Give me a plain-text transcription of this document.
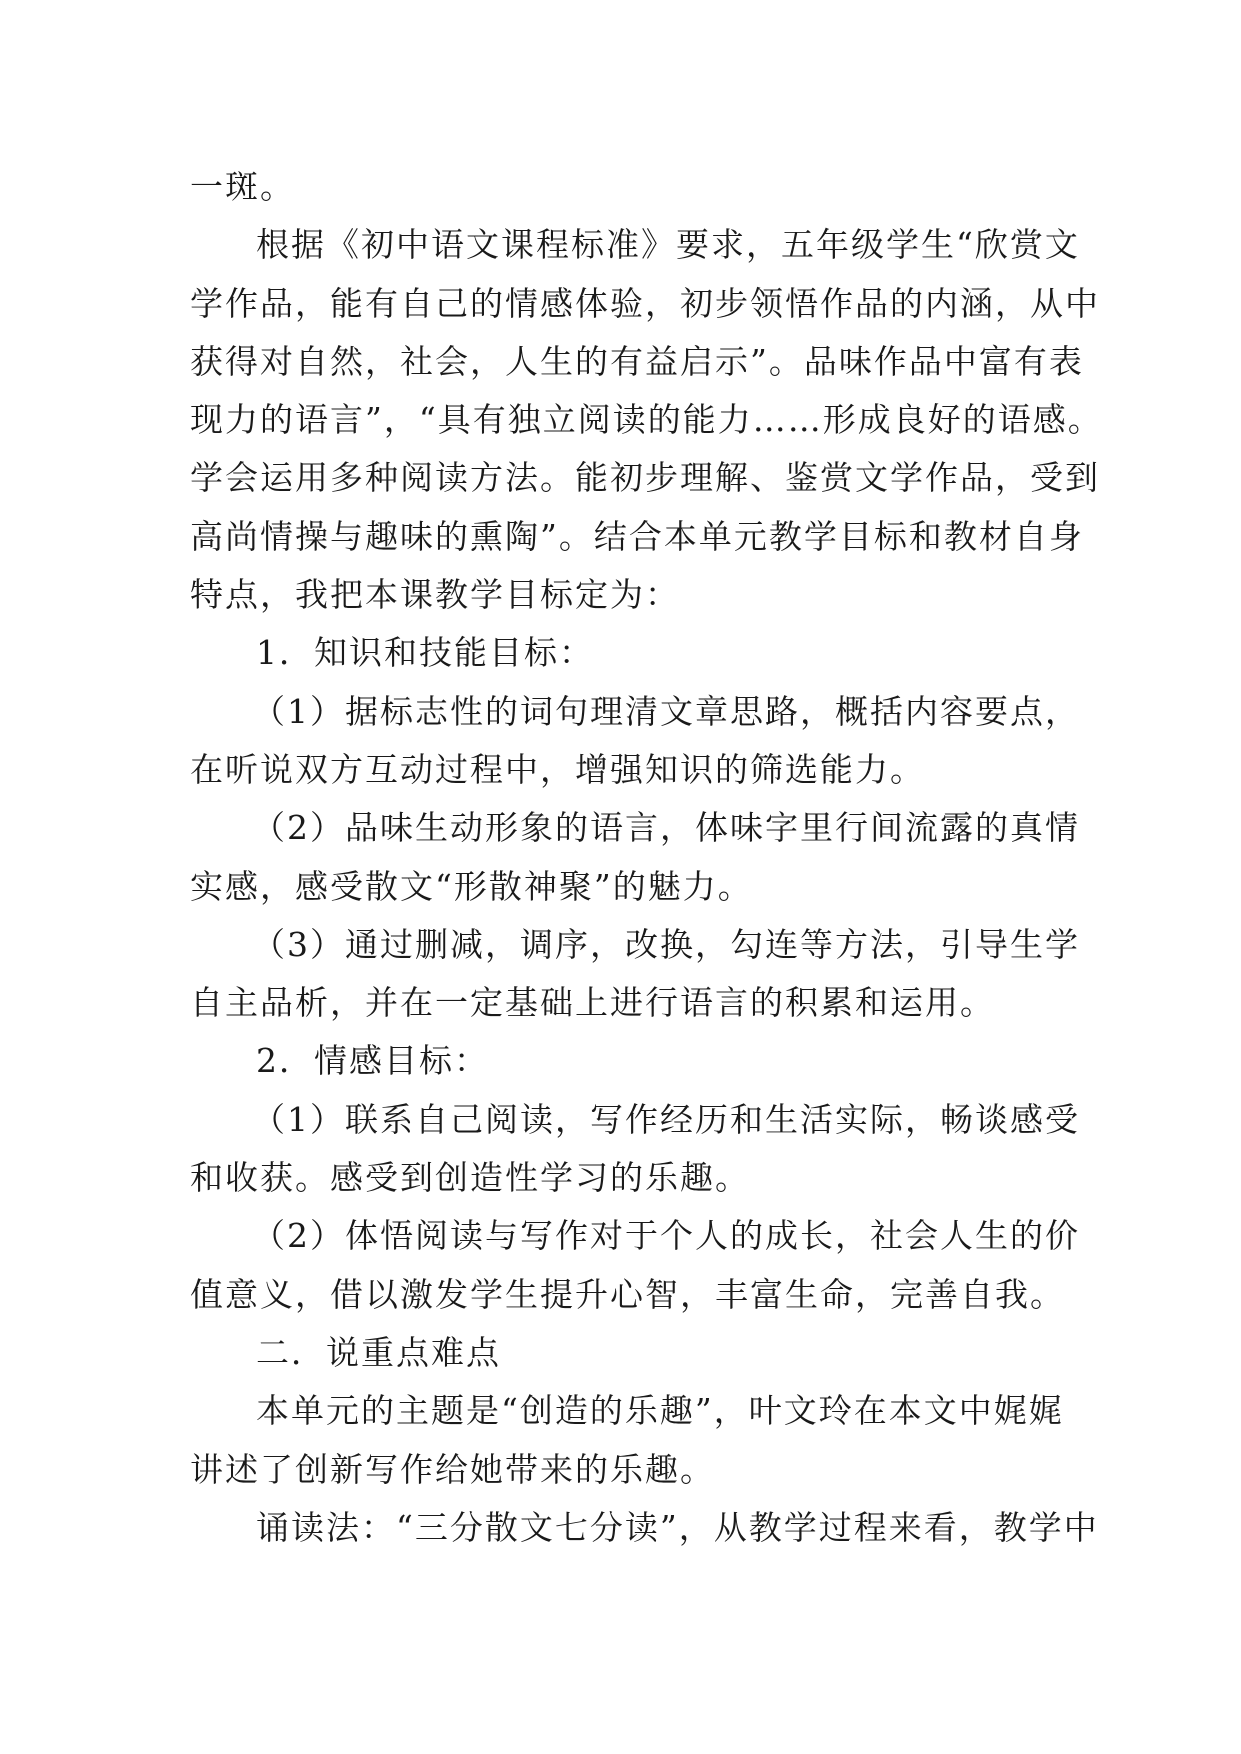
一斑。
根据《初中语文课程标准》要求，五年级学生“欣赏文
学作品，能有自己的情感体验，初步领悟作品的内涵，从中
获得对自然，社会，人生的有益启示”。品味作品中富有表
现力的语言”，“具有独立阅读的能力……形成良好的语感。
学会运用多种阅读方法。能初步理解、鉴赏文学作品，受到
高尚情操与趣味的熏陶”。结合本单元教学目标和教材自身
特点，我把本课教学目标定为：
1．知识和技能目标：
（1）据标志性的词句理清文章思路，概括内容要点，
在听说双方互动过程中，增强知识的筛选能力。
（2）品味生动形象的语言，体味字里行间流露的真情
实感，感受散文“形散神聚”的魅力。
（3）通过删减，调序，改换，勾连等方法，引导生学
自主品析，并在一定基础上进行语言的积累和运用。
2．情感目标：
（1）联系自己阅读，写作经历和生活实际，畅谈感受
和收获。感受到创造性学习的乐趣。
（2）体悟阅读与写作对于个人的成长，社会人生的价
值意义，借以激发学生提升心智，丰富生命，完善自我。
二．说重点难点
本单元的主题是“创造的乐趣”，叶文玲在本文中娓娓
讲述了创新写作给她带来的乐趣。
诵读法：“三分散文七分读”，从教学过程来看，教学中
